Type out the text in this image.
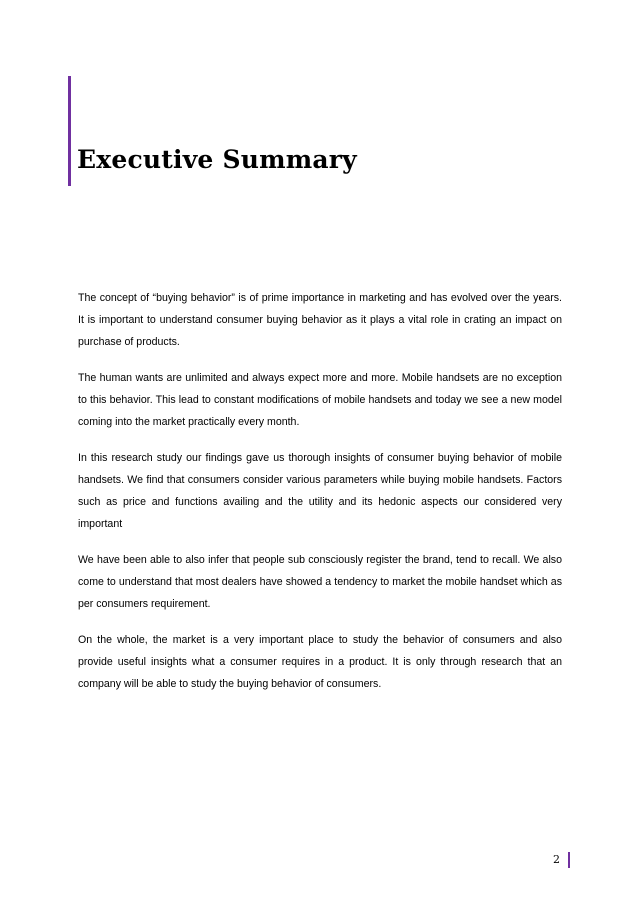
Executive Summary

The concept of “buying behavior” is of prime importance in marketing and has evolved over the years. It is important to understand consumer buying behavior as it plays a vital role in crating an impact on purchase of products.

The human wants are unlimited and always expect more and more. Mobile handsets are no exception to this behavior. This lead to constant modifications of mobile handsets and today we see a new model coming into the market practically every month.

In this research study our findings gave us thorough insights of consumer buying behavior of mobile handsets. We find that consumers consider various parameters while buying mobile handsets. Factors such as price and functions availing and the utility and its hedonic aspects our considered very important

We have been able to also infer that people sub consciously register the brand, tend to recall. We also come to understand that most dealers have showed a tendency to market the mobile handset which as per consumers requirement.

On the whole, the market is a very important place to study the behavior of consumers and also provide useful insights what a consumer requires in a product. It is only through research that an company will be able to study the buying behavior of consumers.

2
